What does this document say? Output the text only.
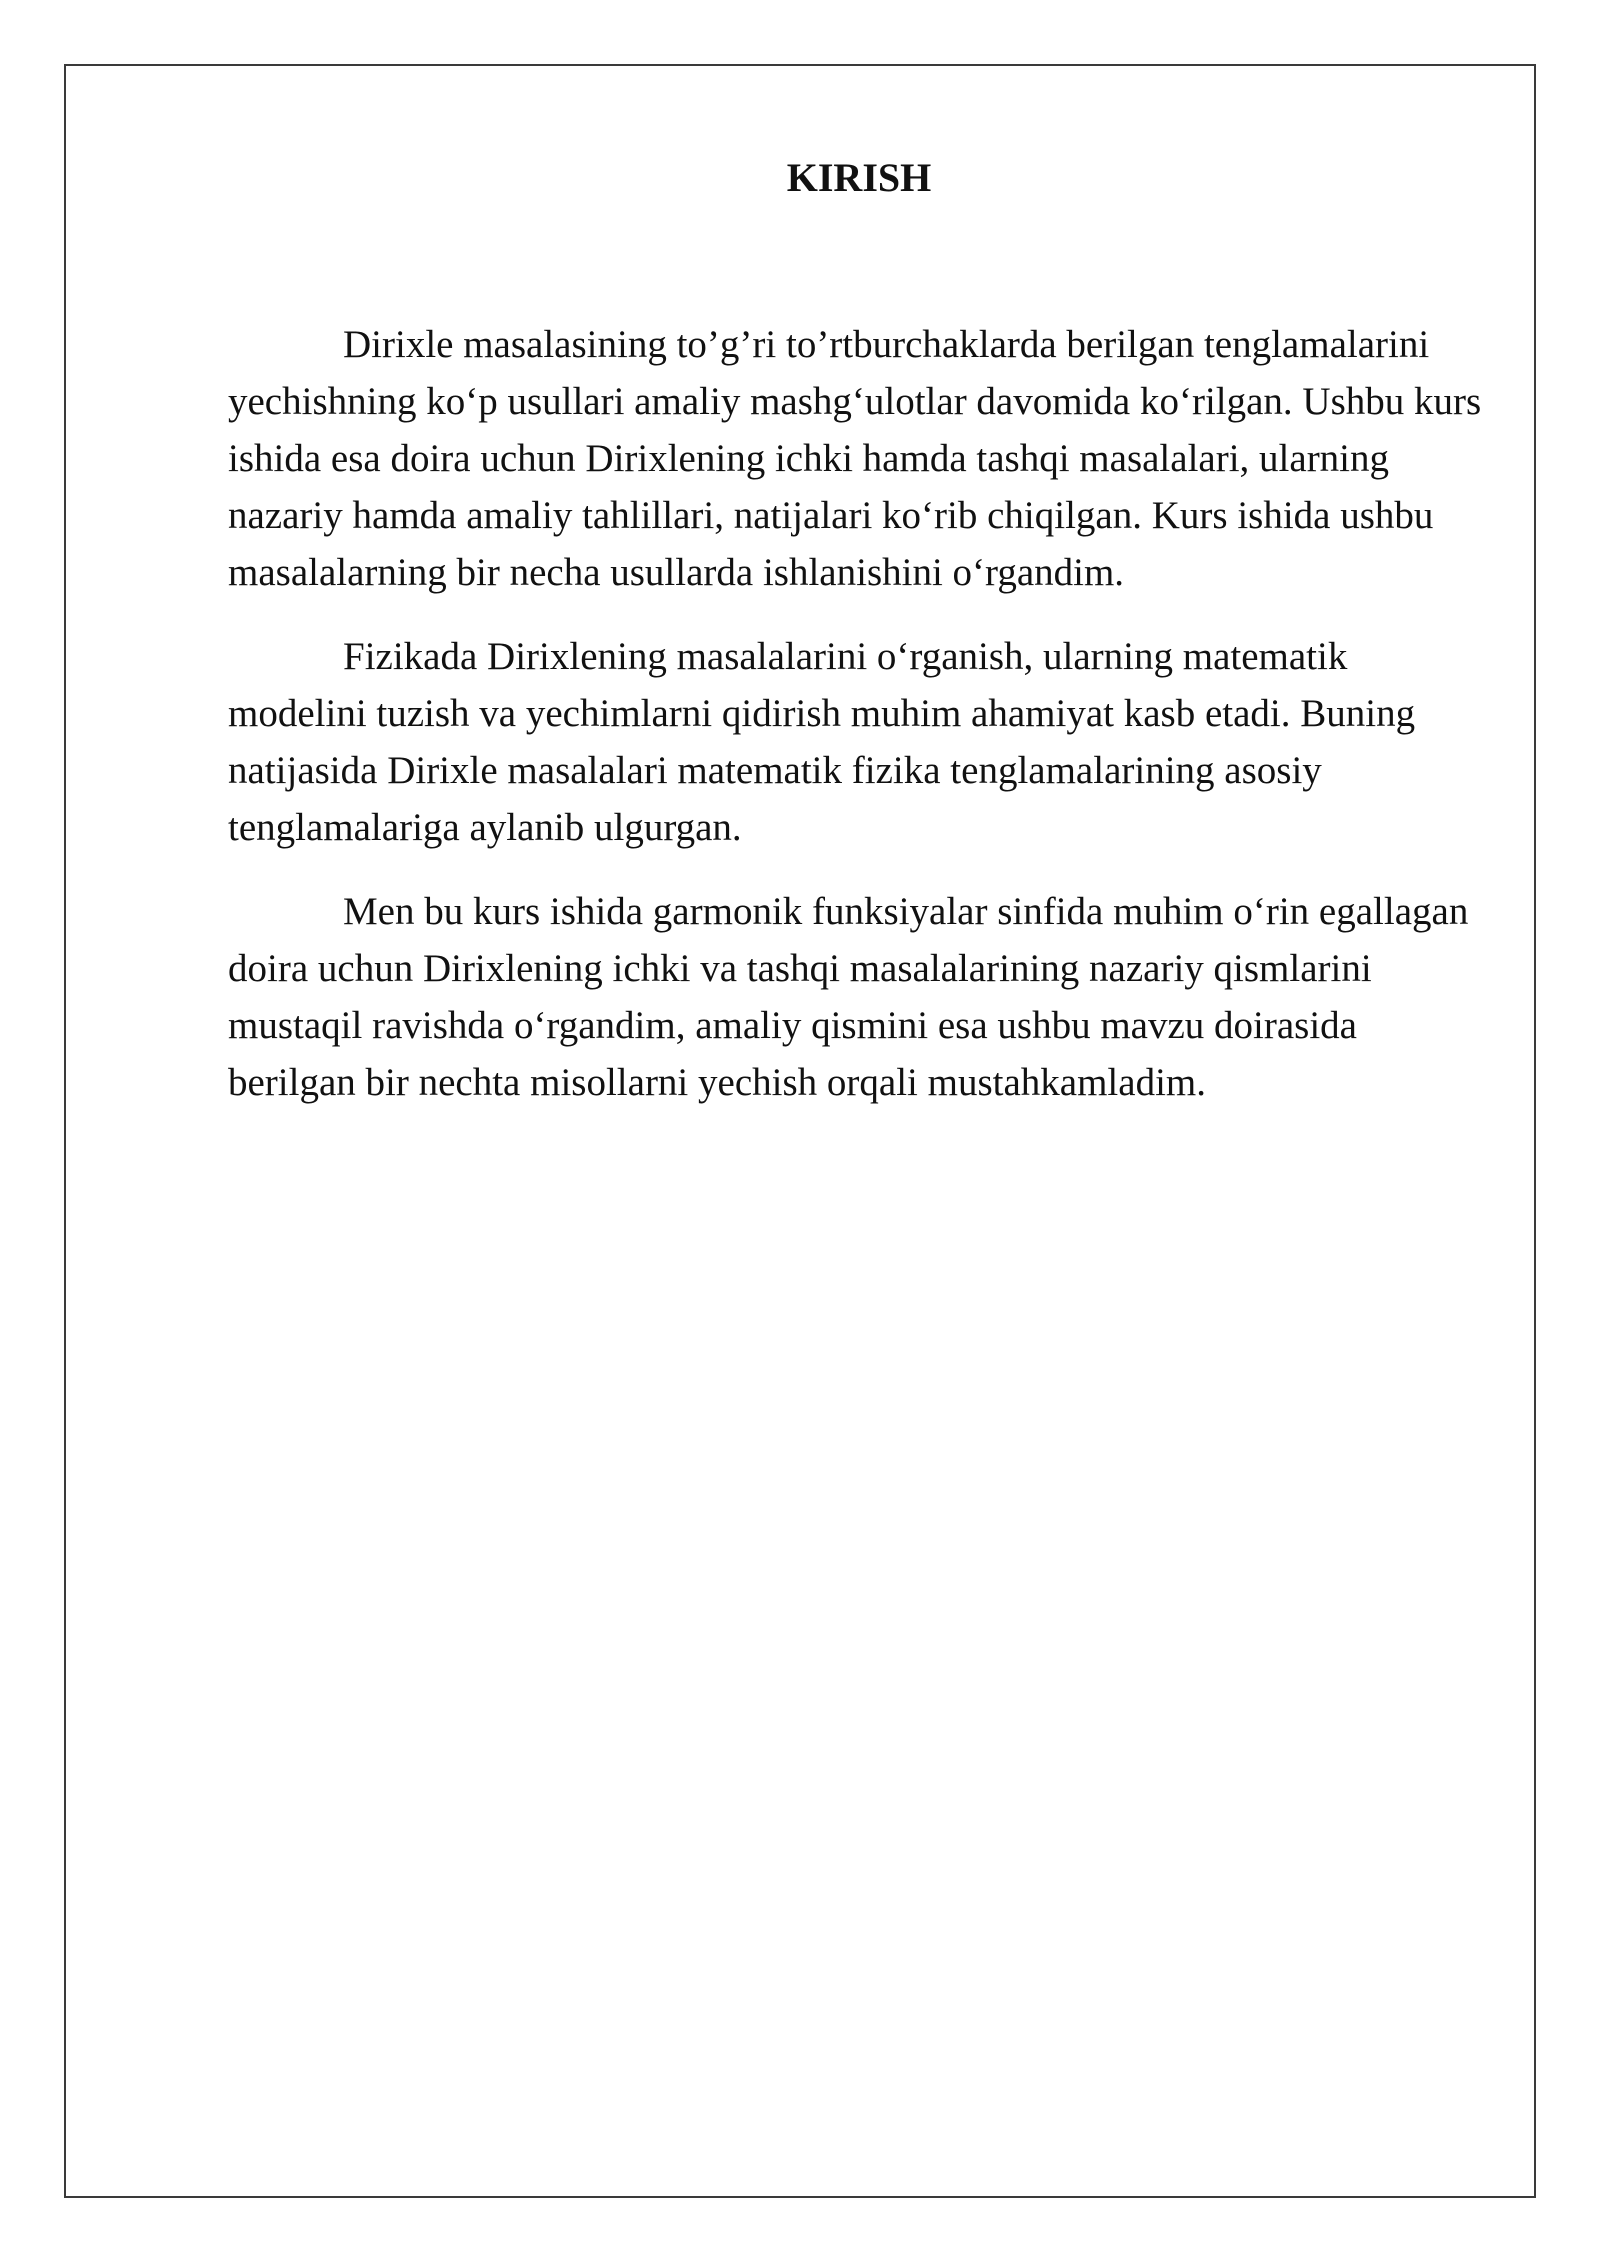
KIRISH

Dirixle masalasining to’g’ri to’rtburchaklarda berilgan tenglamalarini yechishning ko‘p usullari amaliy mashg‘ulotlar davomida ko‘rilgan. Ushbu kurs ishida esa doira uchun Dirixlening ichki hamda tashqi masalalari, ularning nazariy hamda amaliy tahlillari, natijalari ko‘rib chiqilgan. Kurs ishida ushbu masalalarning bir necha usullarda ishlanishini o‘rgandim.

Fizikada Dirixlening masalalarini o‘rganish, ularning matematik modelini tuzish va yechimlarni qidirish muhim ahamiyat kasb etadi. Buning natijasida Dirixle masalalari matematik fizika tenglamalarining asosiy tenglamalariga aylanib ulgurgan.

Men bu kurs ishida garmonik funksiyalar sinfida muhim o‘rin egallagan doira uchun Dirixlening ichki va tashqi masalalarining nazariy qismlarini mustaqil ravishda o‘rgandim, amaliy qismini esa ushbu mavzu doirasida berilgan bir nechta misollarni yechish orqali mustahkamladim.
